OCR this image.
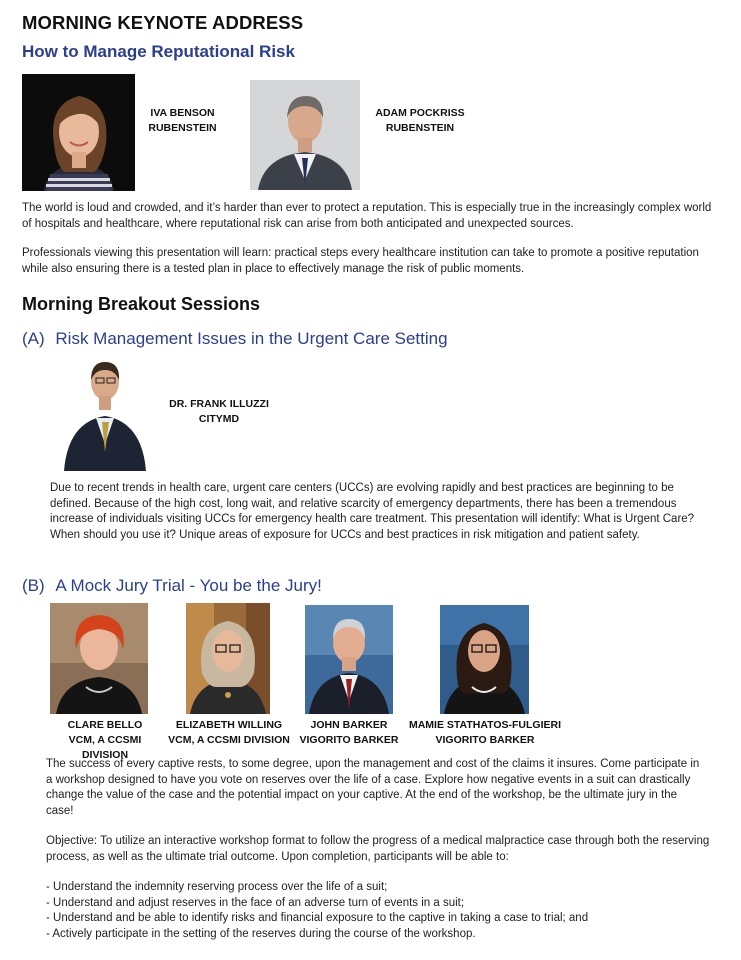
MORNING KEYNOTE ADDRESS
How to Manage Reputational Risk
IVA BENSON
RUBENSTEIN
ADAM POCKRISS
RUBENSTEIN
The world is loud and crowded, and it’s harder than ever to protect a reputation. This is especially true in the increasingly complex world of hospitals and healthcare, where reputational risk can arise from both anticipated and unexpected sources.
Professionals viewing this presentation will learn: practical steps every healthcare institution can take to promote a positive reputation while also ensuring there is a tested plan in place to effectively manage the risk of public moments.
Morning Breakout Sessions
(A) Risk Management Issues in the Urgent Care Setting
DR. FRANK ILLUZZI
CITYMD
Due to recent trends in health care, urgent care centers (UCCs) are evolving rapidly and best practices are beginning to be defined. Because of the high cost, long wait, and relative scarcity of emergency departments, there has been a tremendous increase of individuals visiting UCCs for emergency health care treatment. This presentation will identify: What is Urgent Care? When should you use it? Unique areas of exposure for UCCs and best practices in risk mitigation and patient safety.
(B) A Mock Jury Trial - You be the Jury!
CLARE BELLO
VCM, A CCSMI DIVISION
ELIZABETH WILLING
VCM, A CCSMI DIVISION
JOHN BARKER
VIGORITO BARKER
MAMIE STATHATOS-FULGIERI
VIGORITO BARKER
The success of every captive rests, to some degree, upon the management and cost of the claims it insures. Come participate in a workshop designed to have you vote on reserves over the life of a case. Explore how negative events in a suit can drastically change the value of the case and the potential impact on your captive. At the end of the workshop, be the ultimate jury in the case!
Objective: To utilize an interactive workshop format to follow the progress of a medical malpractice case through both the reserving process, as well as the ultimate trial outcome. Upon completion, participants will be able to:
- Understand the indemnity reserving process over the life of a suit;
- Understand and adjust reserves in the face of an adverse turn of events in a suit;
- Understand and be able to identify risks and financial exposure to the captive in taking a case to trial; and
- Actively participate in the setting of the reserves during the course of the workshop.
